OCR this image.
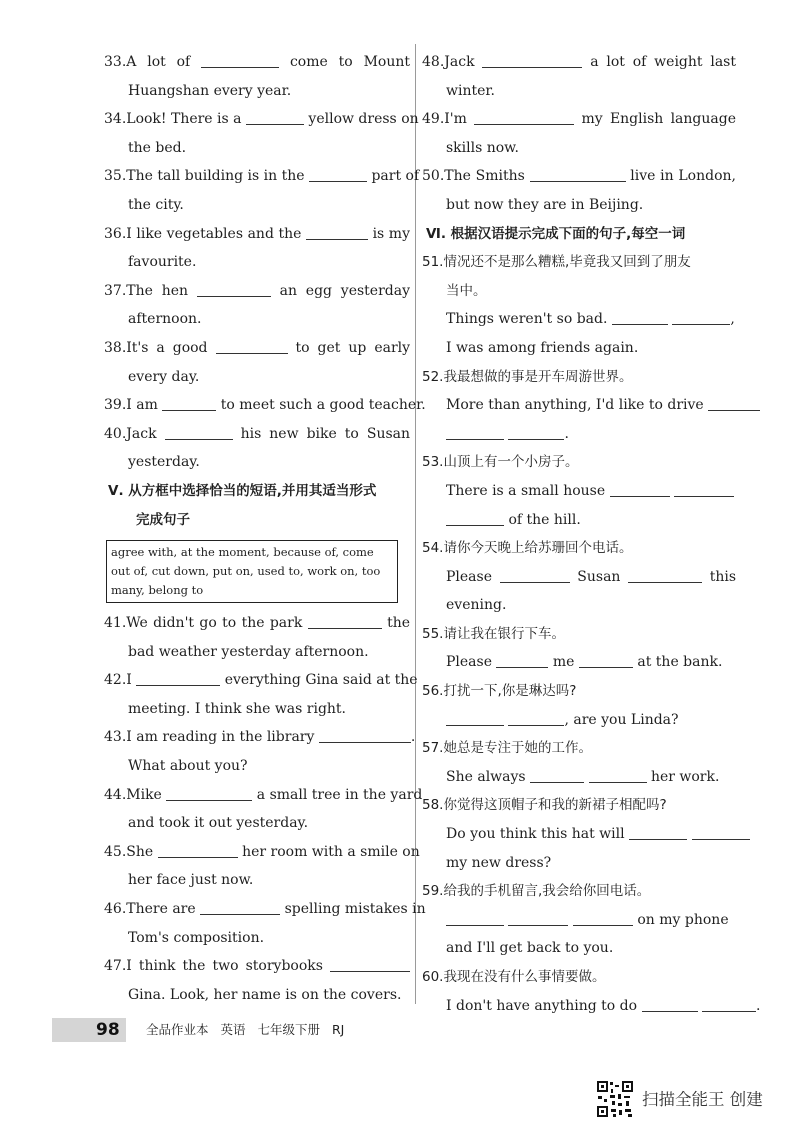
33.A lot of	come to Mount
Huangshan every year.
34.Look! There is a	yellow dress on
the bed.
35.The tall building is in the	part of
the city.
36.I like vegetables and the	is my
favourite.
37.The hen	an egg yesterday
afternoon.
38.It's a good	to get up early
every day.
39.I am	to meet such a good teacher.
40.Jack	his new bike to Susan
yesterday.
Ⅴ. 从方框中选择恰当的短语,并用其适当形式
完成句子
agree with, at the moment, because of, come out of, cut down, put on, used to, work on, too many, belong to
41.We didn't go to the park	the
bad weather yesterday afternoon.
42.I	everything Gina said at the
meeting. I think she was right.
43.I am reading in the library	.
What about you?
44.Mike	a small tree in the yard
and took it out yesterday.
45.She	her room with a smile on
her face just now.
46.There are	spelling mistakes in
Tom's composition.
47.I think the two storybooks
Gina. Look, her name is on the covers.
48.Jack	a lot of weight last
winter.
49.I'm	my English language
skills now.
50.The Smiths	live in London,
but now they are in Beijing.
Ⅵ. 根据汉语提示完成下面的句子,每空一词
51.情况还不是那么糟糕,毕竟我又回到了朋友
当中。
Things weren't so bad.	,
I was among friends again.
52.我最想做的事是开车周游世界。
More than anything, I'd like to drive
.
53.山顶上有一个小房子。
There is a small house
of the hill.
54.请你今天晚上给苏珊回个电话。
Please	Susan	this
evening.
55.请让我在银行下车。
Please	me	at the bank.
56.打扰一下,你是琳达吗?
, are you Linda?
57.她总是专注于她的工作。
She always	her work.
58.你觉得这顶帽子和我的新裙子相配吗?
Do you think this hat will
my new dress?
59.给我的手机留言,我会给你回电话。
on my phone
and I'll get back to you.
60.我现在没有什么事情要做。
I don't have anything to do	.
98 全品作业本 英语 七年级下册 RJ
扫描全能王 创建
